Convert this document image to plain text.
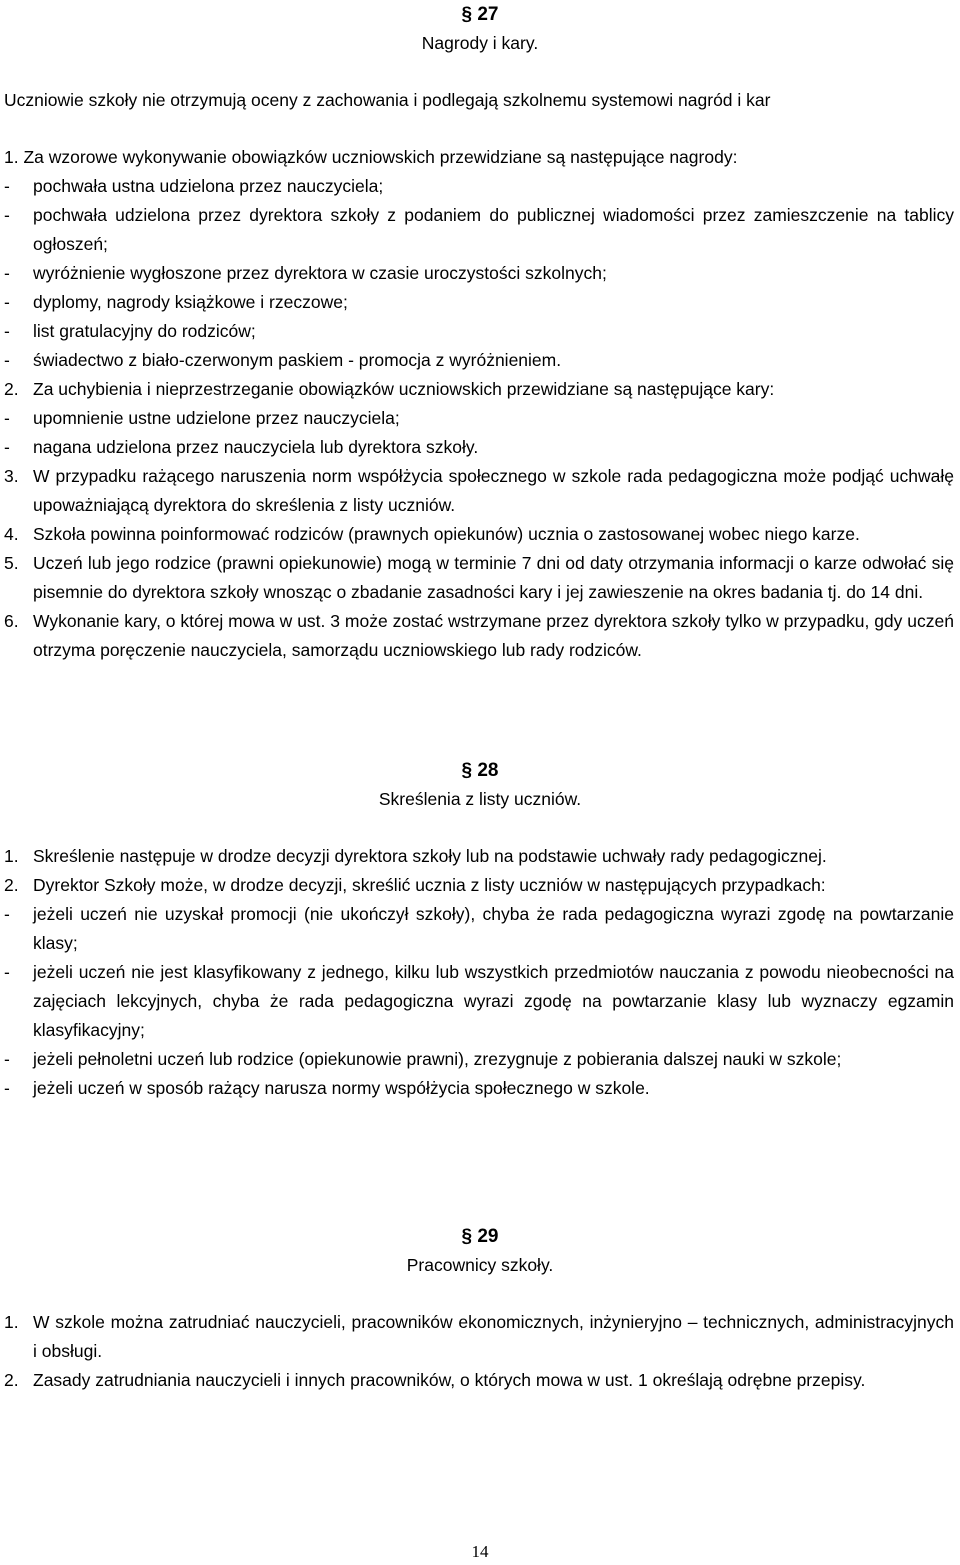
§ 27
Nagrody i kary.
Uczniowie szkoły nie otrzymują oceny z zachowania i podlegają szkolnemu systemowi nagród i kar
1. Za wzorowe wykonywanie obowiązków uczniowskich przewidziane są następujące nagrody:
-	pochwała ustna udzielona przez nauczyciela;
-	pochwała udzielona przez dyrektora szkoły z podaniem do publicznej wiadomości przez zamieszczenie na tablicy ogłoszeń;
-	wyróżnienie wygłoszone przez dyrektora w czasie uroczystości szkolnych;
-	dyplomy, nagrody książkowe i rzeczowe;
-	list gratulacyjny do rodziców;
-	świadectwo z biało-czerwonym paskiem - promocja z wyróżnieniem.
2. Za uchybienia i nieprzestrzeganie obowiązków uczniowskich przewidziane są następujące kary:
-	upomnienie ustne udzielone przez nauczyciela;
-	nagana udzielona przez nauczyciela lub dyrektora szkoły.
3. W przypadku rażącego naruszenia norm współżycia społecznego w szkole rada pedagogiczna może podjąć uchwałę upoważniającą dyrektora do skreślenia z listy uczniów.
4. Szkoła powinna poinformować rodziców (prawnych opiekunów) ucznia o zastosowanej wobec niego karze.
5. Uczeń lub jego rodzice (prawni opiekunowie) mogą w terminie 7 dni od daty otrzymania informacji o karze odwołać się pisemnie do dyrektora szkoły wnosząc o zbadanie zasadności kary i jej zawieszenie na okres badania tj. do 14 dni.
6. Wykonanie kary, o której mowa w ust. 3 może zostać wstrzymane przez dyrektora szkoły tylko w przypadku, gdy uczeń otrzyma poręczenie nauczyciela, samorządu uczniowskiego lub rady rodziców.
§ 28
Skreślenia z listy uczniów.
1. Skreślenie następuje w drodze decyzji dyrektora szkoły lub na podstawie uchwały rady pedagogicznej.
2. Dyrektor Szkoły może, w drodze decyzji, skreślić ucznia z listy uczniów w następujących przypadkach:
-	jeżeli uczeń nie uzyskał promocji (nie ukończył szkoły), chyba że rada pedagogiczna wyrazi zgodę na powtarzanie klasy;
-	jeżeli uczeń nie jest klasyfikowany z jednego, kilku lub wszystkich przedmiotów nauczania z powodu nieobecności na zajęciach lekcyjnych, chyba że rada pedagogiczna wyrazi zgodę na powtarzanie klasy lub wyznaczy egzamin klasyfikacyjny;
-	jeżeli pełnoletni uczeń lub rodzice (opiekunowie prawni), zrezygnuje z pobierania dalszej nauki w szkole;
-	jeżeli uczeń w sposób rażący narusza normy współżycia społecznego w szkole.
§ 29
Pracownicy szkoły.
1. W szkole można zatrudniać nauczycieli, pracowników ekonomicznych, inżynieryjno – technicznych, administracyjnych i obsługi.
2. Zasady zatrudniania nauczycieli i innych pracowników, o których mowa w ust. 1 określają odrębne przepisy.
14
